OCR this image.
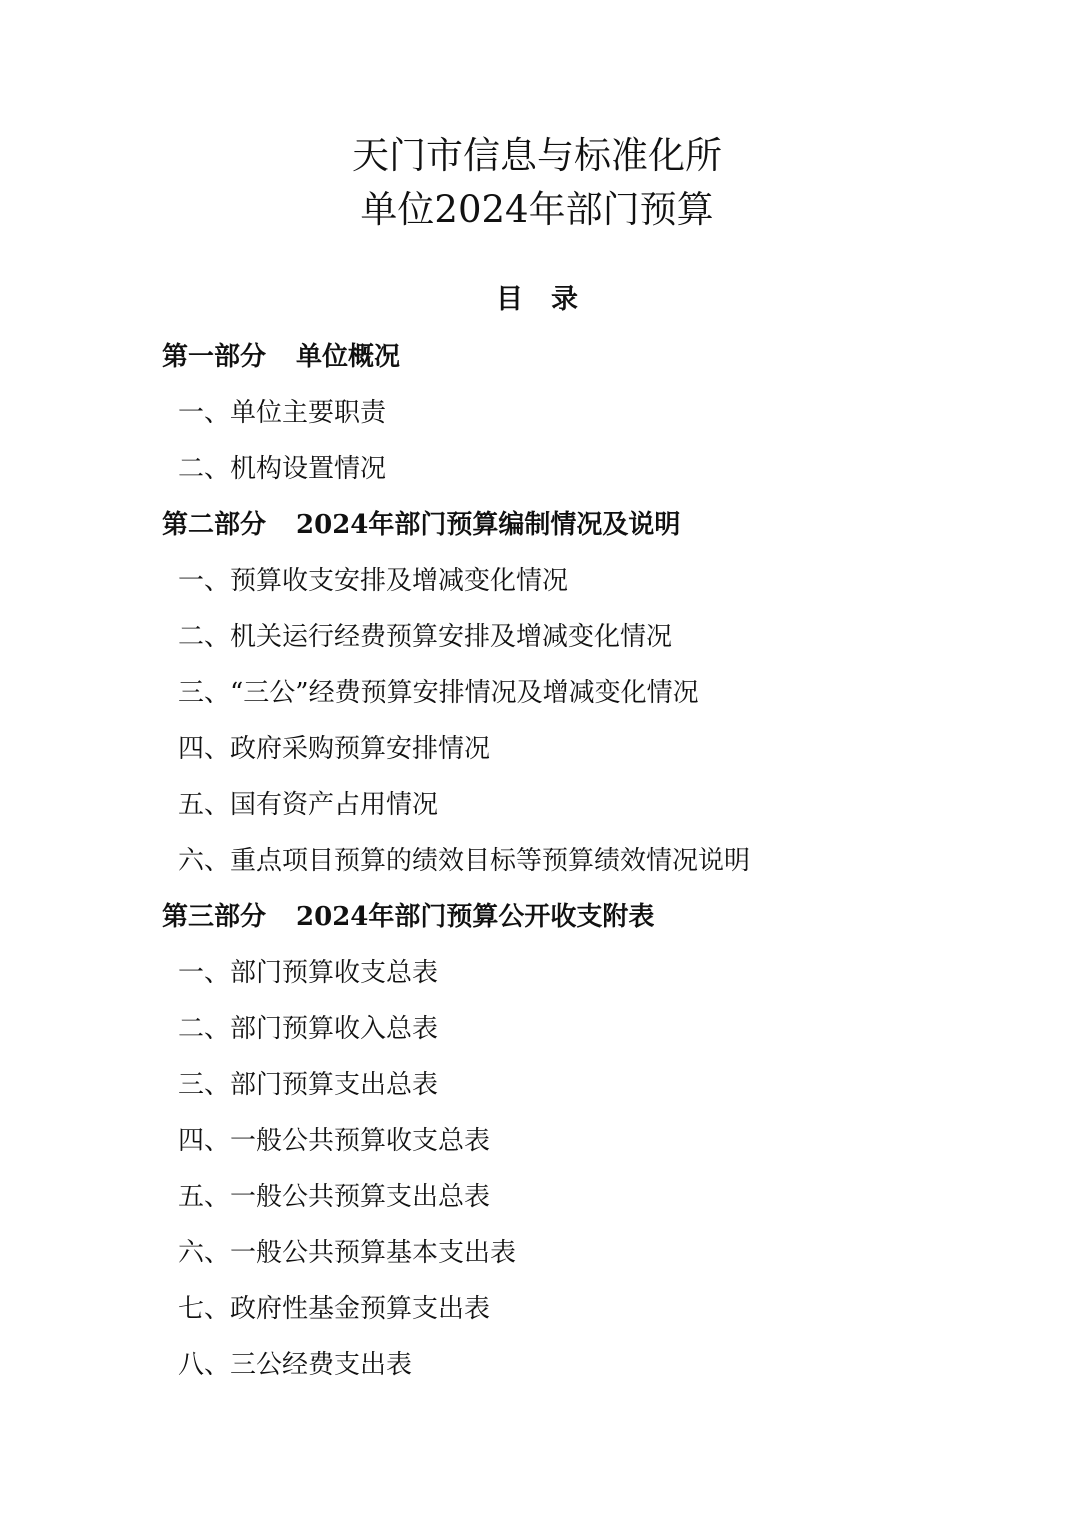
天门市信息与标准化所
单位2024年部门预算
目 录
第一部分 单位概况
一、单位主要职责
二、机构设置情况
第二部分 2024年部门预算编制情况及说明
一、预算收支安排及增减变化情况
二、机关运行经费预算安排及增减变化情况
三、“三公”经费预算安排情况及增减变化情况
四、政府采购预算安排情况
五、国有资产占用情况
六、重点项目预算的绩效目标等预算绩效情况说明
第三部分 2024年部门预算公开收支附表
一、部门预算收支总表
二、部门预算收入总表
三、部门预算支出总表
四、一般公共预算收支总表
五、一般公共预算支出总表
六、一般公共预算基本支出表
七、政府性基金预算支出表
八、三公经费支出表
